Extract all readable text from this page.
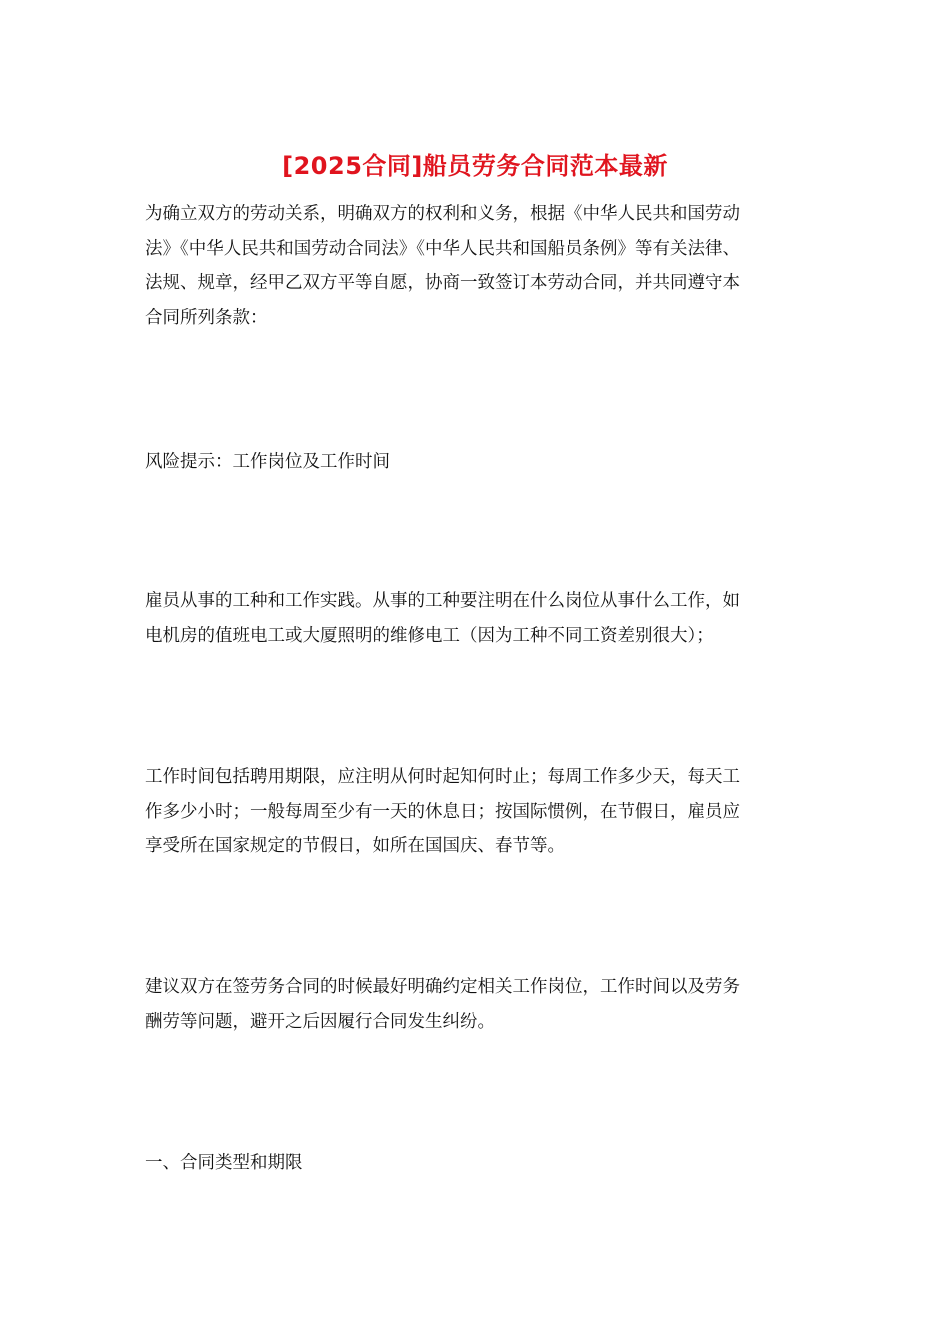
[2025合同]船员劳务合同范本最新

为确立双方的劳动关系，明确双方的权利和义务，根据《中华人民共和国劳动
法》《中华人民共和国劳动合同法》《中华人民共和国船员条例》等有关法律、
法规、规章，经甲乙双方平等自愿，协商一致签订本劳动合同，并共同遵守本
合同所列条款：

风险提示：工作岗位及工作时间

雇员从事的工种和工作实践。从事的工种要注明在什么岗位从事什么工作，如
电机房的值班电工或大厦照明的维修电工（因为工种不同工资差别很大）；

工作时间包括聘用期限，应注明从何时起知何时止；每周工作多少天，每天工
作多少小时；一般每周至少有一天的休息日；按国际惯例，在节假日，雇员应
享受所在国家规定的节假日，如所在国国庆、春节等。

建议双方在签劳务合同的时候最好明确约定相关工作岗位，工作时间以及劳务
酬劳等问题，避开之后因履行合同发生纠纷。

一、合同类型和期限
